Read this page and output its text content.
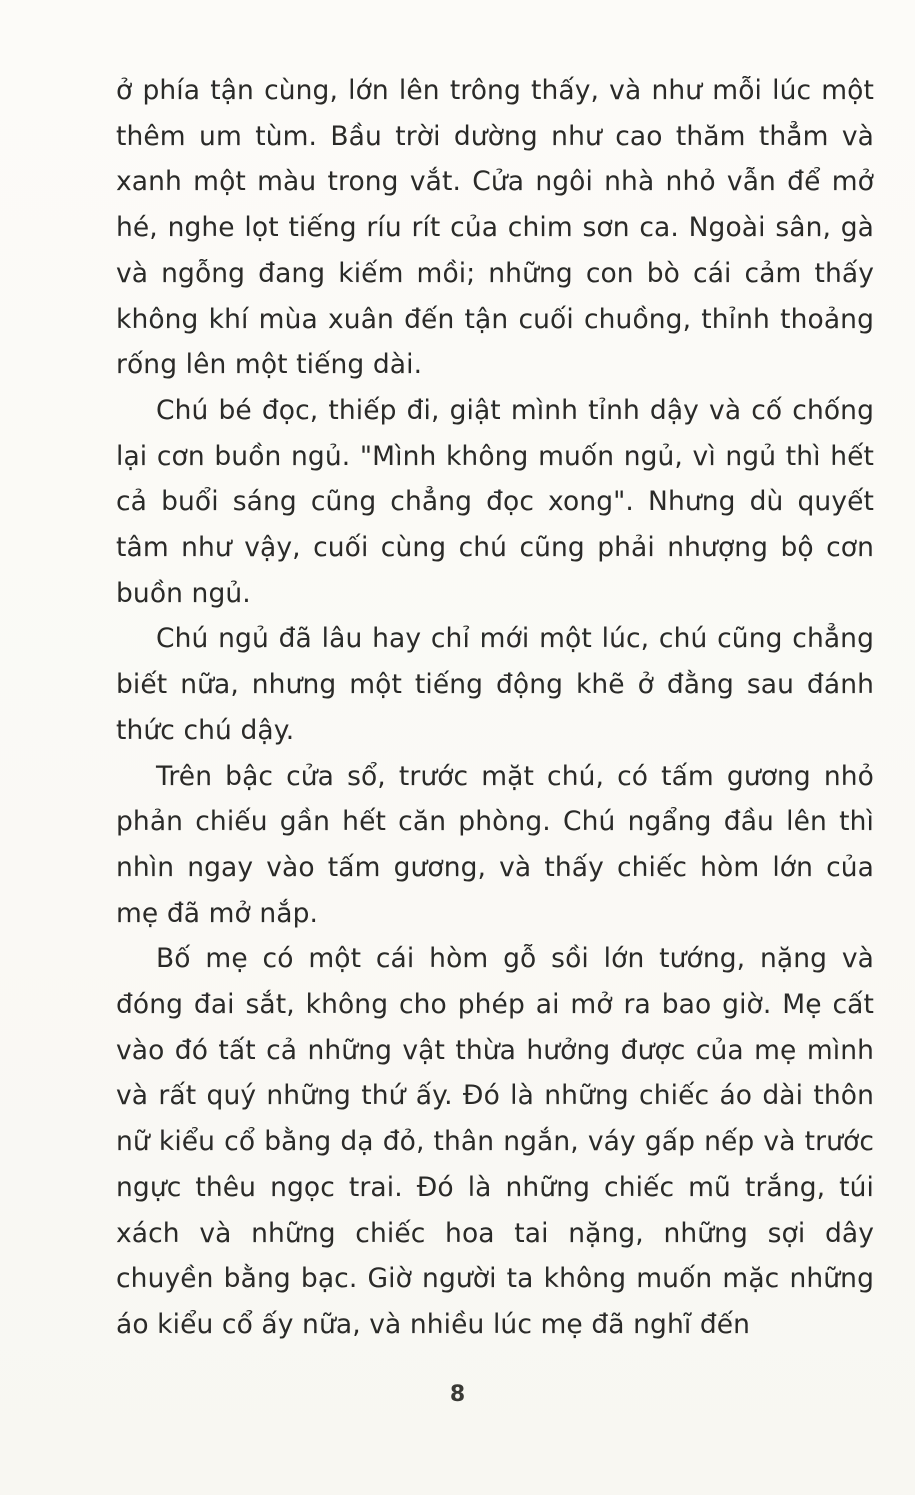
ở phía tận cùng, lớn lên trông thấy, và như mỗi lúc một thêm um tùm. Bầu trời dường như cao thăm thẳm và xanh một màu trong vắt. Cửa ngôi nhà nhỏ vẫn để mở hé, nghe lọt tiếng ríu rít của chim sơn ca. Ngoài sân, gà và ngỗng đang kiếm mồi; những con bò cái cảm thấy không khí mùa xuân đến tận cuối chuồng, thỉnh thoảng rống lên một tiếng dài.

Chú bé đọc, thiếp đi, giật mình tỉnh dậy và cố chống lại cơn buồn ngủ. "Mình không muốn ngủ, vì ngủ thì hết cả buổi sáng cũng chẳng đọc xong". Nhưng dù quyết tâm như vậy, cuối cùng chú cũng phải nhượng bộ cơn buồn ngủ.

Chú ngủ đã lâu hay chỉ mới một lúc, chú cũng chẳng biết nữa, nhưng một tiếng động khẽ ở đằng sau đánh thức chú dậy.

Trên bậc cửa sổ, trước mặt chú, có tấm gương nhỏ phản chiếu gần hết căn phòng. Chú ngẩng đầu lên thì nhìn ngay vào tấm gương, và thấy chiếc hòm lớn của mẹ đã mở nắp.

Bố mẹ có một cái hòm gỗ sồi lớn tướng, nặng và đóng đai sắt, không cho phép ai mở ra bao giờ. Mẹ cất vào đó tất cả những vật thừa hưởng được của mẹ mình và rất quý những thứ ấy. Đó là những chiếc áo dài thôn nữ kiểu cổ bằng dạ đỏ, thân ngắn, váy gấp nếp và trước ngực thêu ngọc trai. Đó là những chiếc mũ trắng, túi xách và những chiếc hoa tai nặng, những sợi dây chuyền bằng bạc. Giờ người ta không muốn mặc những áo kiểu cổ ấy nữa, và nhiều lúc mẹ đã nghĩ đến

8
